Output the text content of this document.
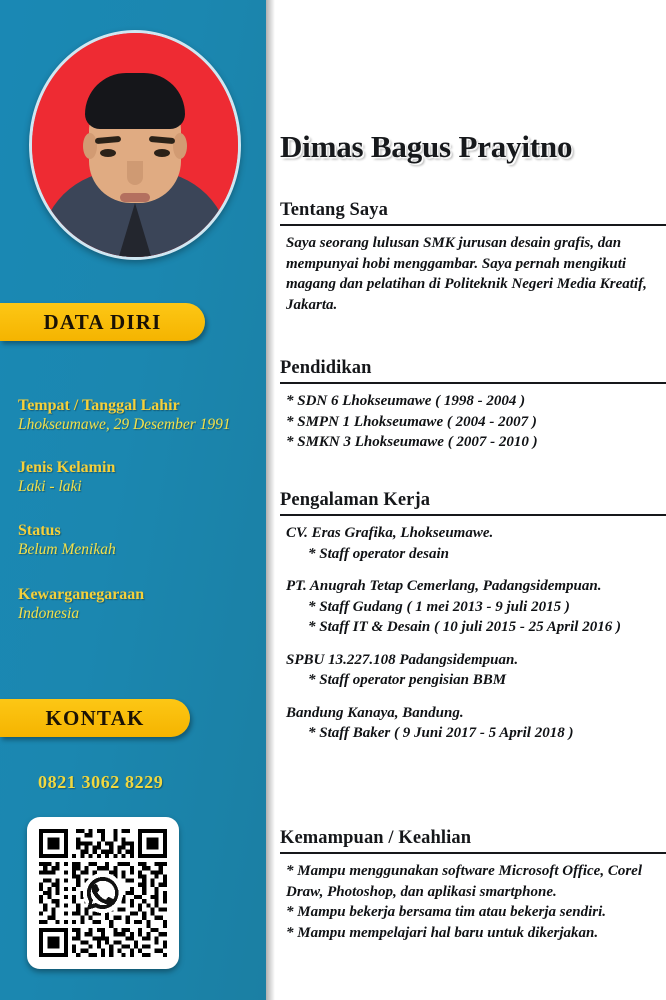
DATA DIRI
Tempat / Tanggal Lahir
Lhokseumawe, 29 Desember 1991
Jenis Kelamin
Laki - laki
Status
Belum Menikah
Kewarganegaraan
Indonesia
KONTAK
0821 3062 8229
Dimas Bagus Prayitno
Tentang Saya
Saya seorang lulusan SMK jurusan desain grafis, dan mempunyai hobi menggambar. Saya pernah mengikuti magang dan pelatihan di Politeknik Negeri Media Kreatif, Jakarta.
Pendidikan
* SDN 6 Lhokseumawe ( 1998 - 2004 )
* SMPN 1 Lhokseumawe ( 2004 - 2007 )
* SMKN 3 Lhokseumawe ( 2007 - 2010 )
Pengalaman Kerja
CV. Eras Grafika, Lhokseumawe.
* Staff operator desain
PT. Anugrah Tetap Cemerlang, Padangsidempuan.
* Staff Gudang ( 1 mei 2013 - 9 juli 2015 )
* Staff IT & Desain ( 10 juli 2015 - 25 April 2016 )
SPBU 13.227.108 Padangsidempuan.
* Staff operator pengisian BBM
Bandung Kanaya, Bandung.
* Staff Baker ( 9 Juni 2017 - 5 April 2018 )
Kemampuan / Keahlian
* Mampu menggunakan software Microsoft Office, Corel Draw, Photoshop, dan aplikasi smartphone.
* Mampu bekerja bersama tim atau bekerja sendiri.
* Mampu mempelajari hal baru untuk dikerjakan.
